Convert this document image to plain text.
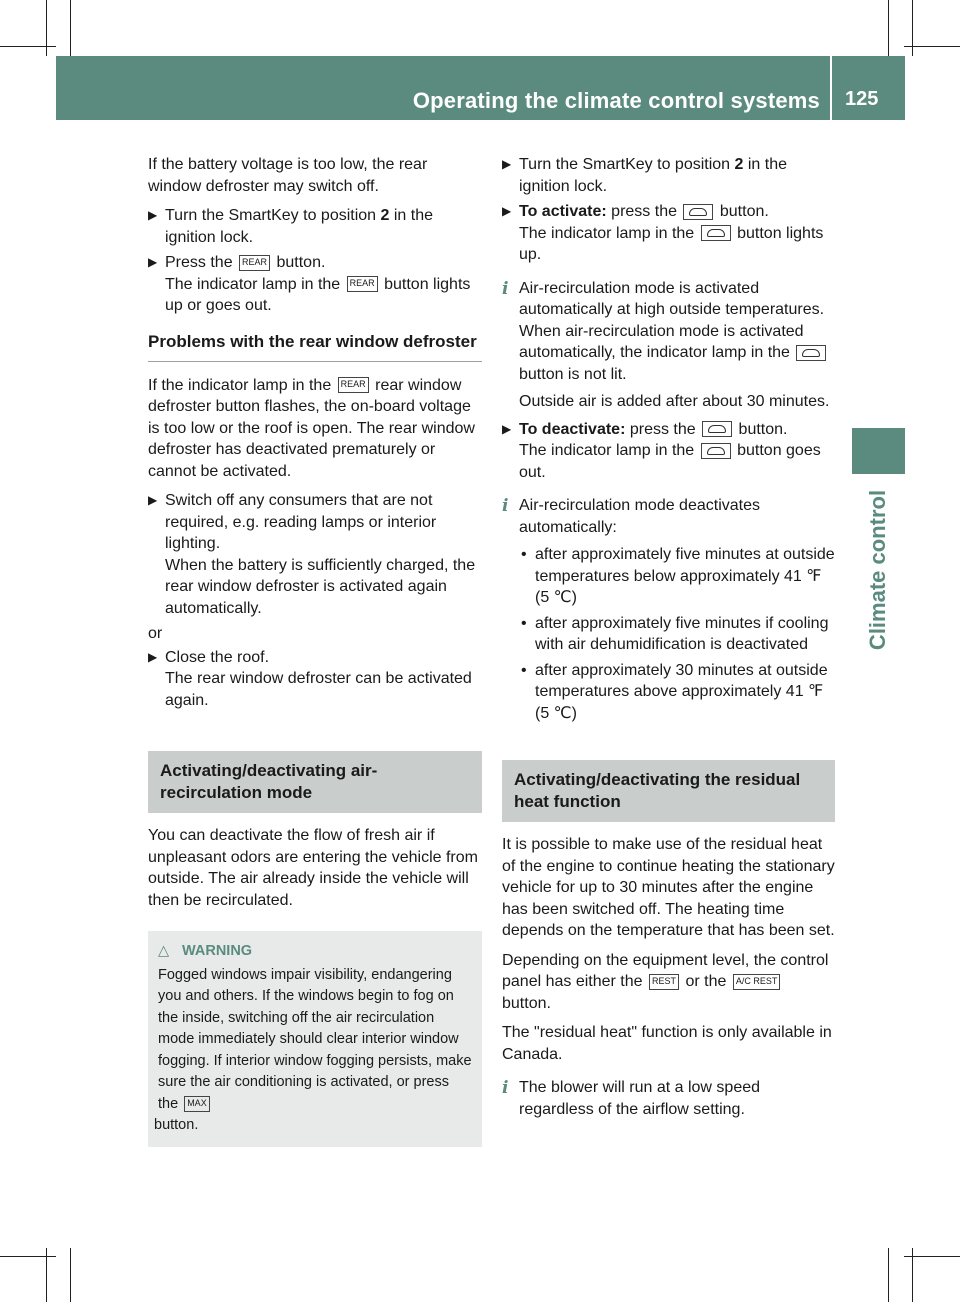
Operating the climate control systems 125
Climate control

If the battery voltage is too low, the rear window defroster may switch off.

▶ Turn the SmartKey to position 2 in the ignition lock.
▶ Press the REAR button.
The indicator lamp in the REAR button lights up or goes out.
Problems with the rear window defroster

If the indicator lamp in the REAR rear window defroster button flashes, the on-board voltage is too low or the roof is open. The rear window defroster has deactivated prematurely or cannot be activated.

▶ Switch off any consumers that are not required, e.g. reading lamps or interior lighting.
When the battery is sufficiently charged, the rear window defroster is activated again automatically.

or

▶ Close the roof.
The rear window defroster can be activated again.
Activating/deactivating air-recirculation mode

You can deactivate the flow of fresh air if unpleasant odors are entering the vehicle from outside. The air already inside the vehicle will then be recirculated.

△ WARNING
Fogged windows impair visibility, endangering you and others. If the windows begin to fog on the inside, switching off the air recirculation mode immediately should clear interior window fogging. If interior window fogging persists, make sure the air conditioning is activated, or press the MAX
button.
▶ Turn the SmartKey to position 2 in the ignition lock.
▶ To activate: press the  button.
The indicator lamp in the  button lights up.
i Air-recirculation mode is activated automatically at high outside temperatures. When air-recirculation mode is activated automatically, the indicator lamp in the  button is not lit.

Outside air is added after about 30 minutes.

▶ To deactivate: press the  button.
The indicator lamp in the  button goes out.
i Air-recirculation mode deactivates automatically:

• after approximately five minutes at outside temperatures below approximately 41 ℉ (5 ℃)
• after approximately five minutes if cooling with air dehumidification is deactivated
• after approximately 30 minutes at outside temperatures above approximately 41 ℉ (5 ℃)
Activating/deactivating the residual heat function

It is possible to make use of the residual heat of the engine to continue heating the stationary vehicle for up to 30 minutes after the engine has been switched off. The heating time depends on the temperature that has been set.

Depending on the equipment level, the control panel has either the REST or the A/C REST button.

The "residual heat" function is only available in Canada.

i The blower will run at a low speed regardless of the airflow setting.
